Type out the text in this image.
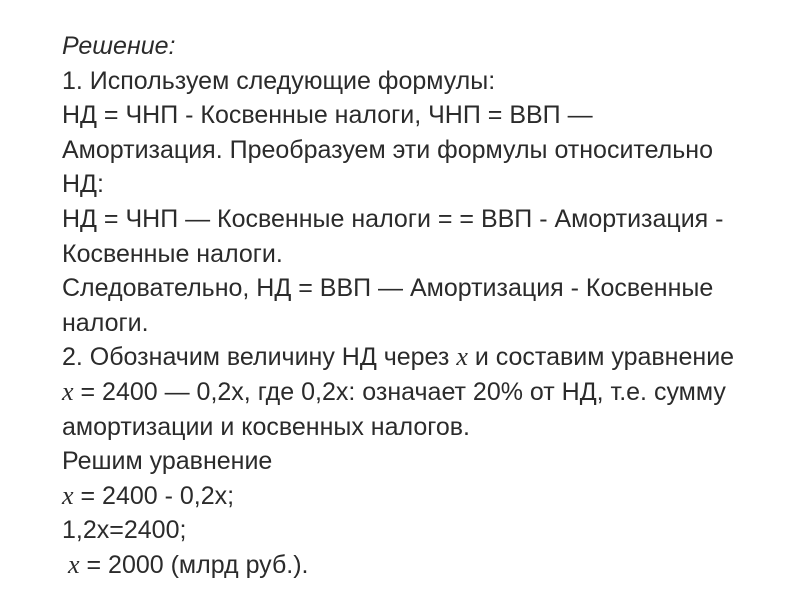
Решение:
1. Используем следующие формулы:
НД = ЧНП - Косвенные налоги, ЧНП = ВВП —
Амортизация. Преобразуем эти формулы относительно
НД:
НД = ЧНП — Косвенные налоги = = ВВП - Амортизация -
Косвенные налоги.
Следовательно, НД = ВВП — Амортизация - Косвенные
налоги.
2. Обозначим величину НД через x и составим уравнение
x = 2400 — 0,2х, где 0,2х: означает 20% от НД, т.е. сумму
амортизации и косвенных налогов.
Решим уравнение
x = 2400 - 0,2х;
1,2х=2400;
x = 2000 (млрд руб.).
